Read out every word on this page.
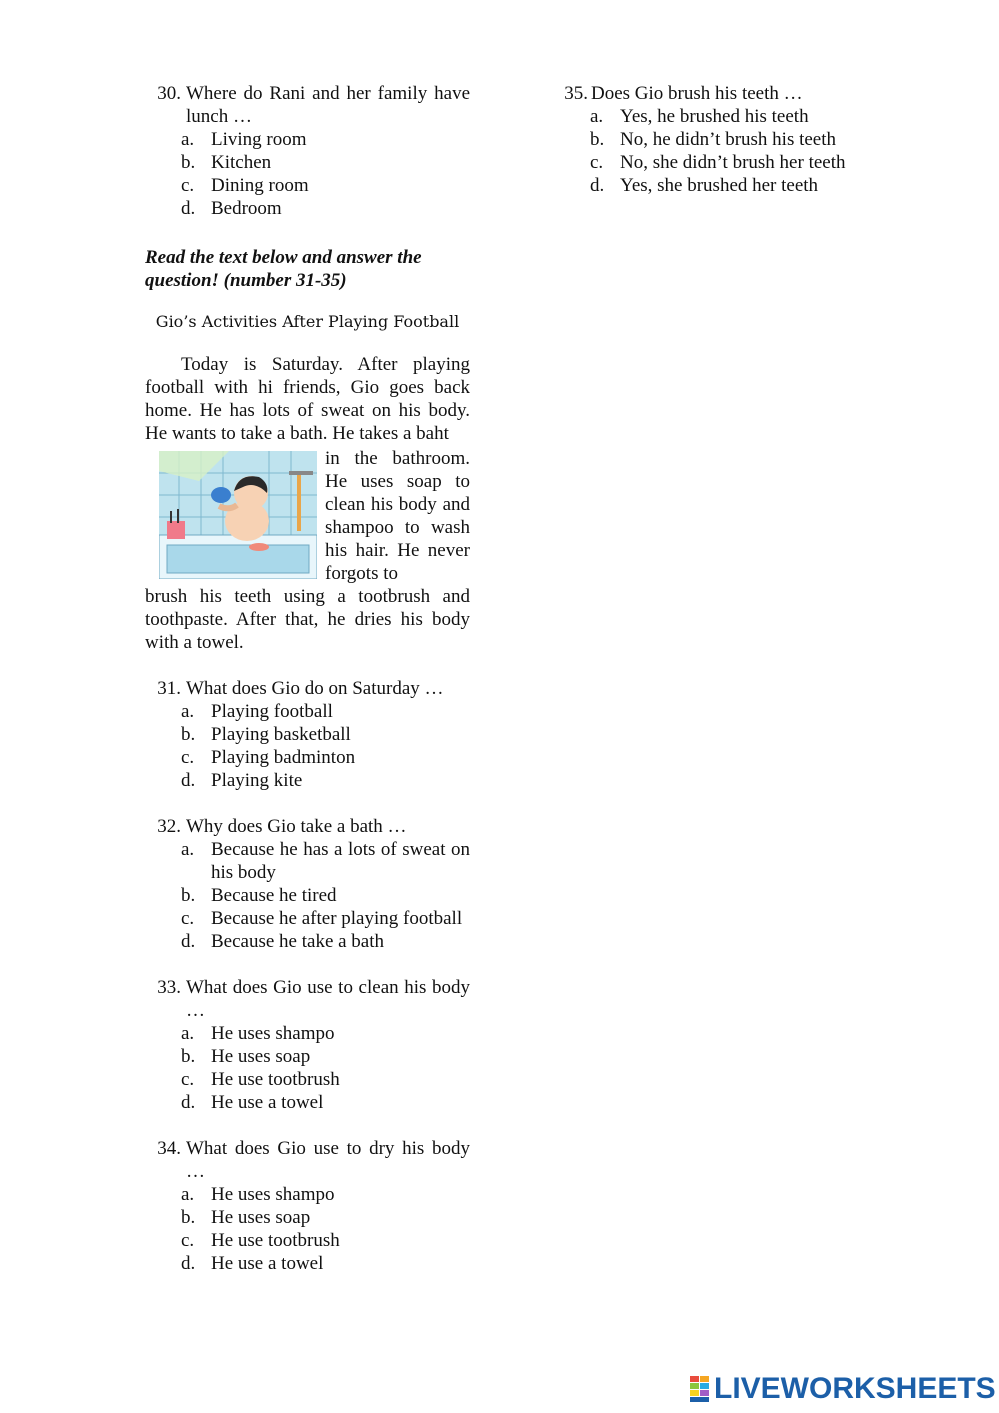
30. Where do Rani and her family have lunch …
a. Living room
b. Kitchen
c. Dining room
d. Bedroom
Read the text below and answer the question! (number 31-35)
Gio’s Activities After Playing Football
Today is Saturday. After playing football with hi friends, Gio goes back home. He has lots of sweat on his body. He wants to take a bath. He takes a baht
in the bathroom. He uses soap to clean his body and shampoo to wash his hair. He never forgots to
brush his teeth using a tootbrush and toothpaste. After that, he dries his body with a towel.
31. What does Gio do on Saturday …
a. Playing football
b. Playing basketball
c. Playing badminton
d. Playing kite
32. Why does Gio take a bath …
a. Because he has a lots of sweat on his body
b. Because he tired
c. Because he after playing football
d. Because he take a bath
33. What does Gio use to clean his body …
a. He uses shampo
b. He uses soap
c. He use tootbrush
d. He use a towel
34. What does Gio use to dry his body …
a. He uses shampo
b. He uses soap
c. He use tootbrush
d. He use a towel
35. Does Gio brush his teeth …
a. Yes, he brushed his teeth
b. No, he didn’t brush his teeth
c. No, she didn’t brush her teeth
d. Yes, she brushed her teeth
LIVEWORKSHEETS
